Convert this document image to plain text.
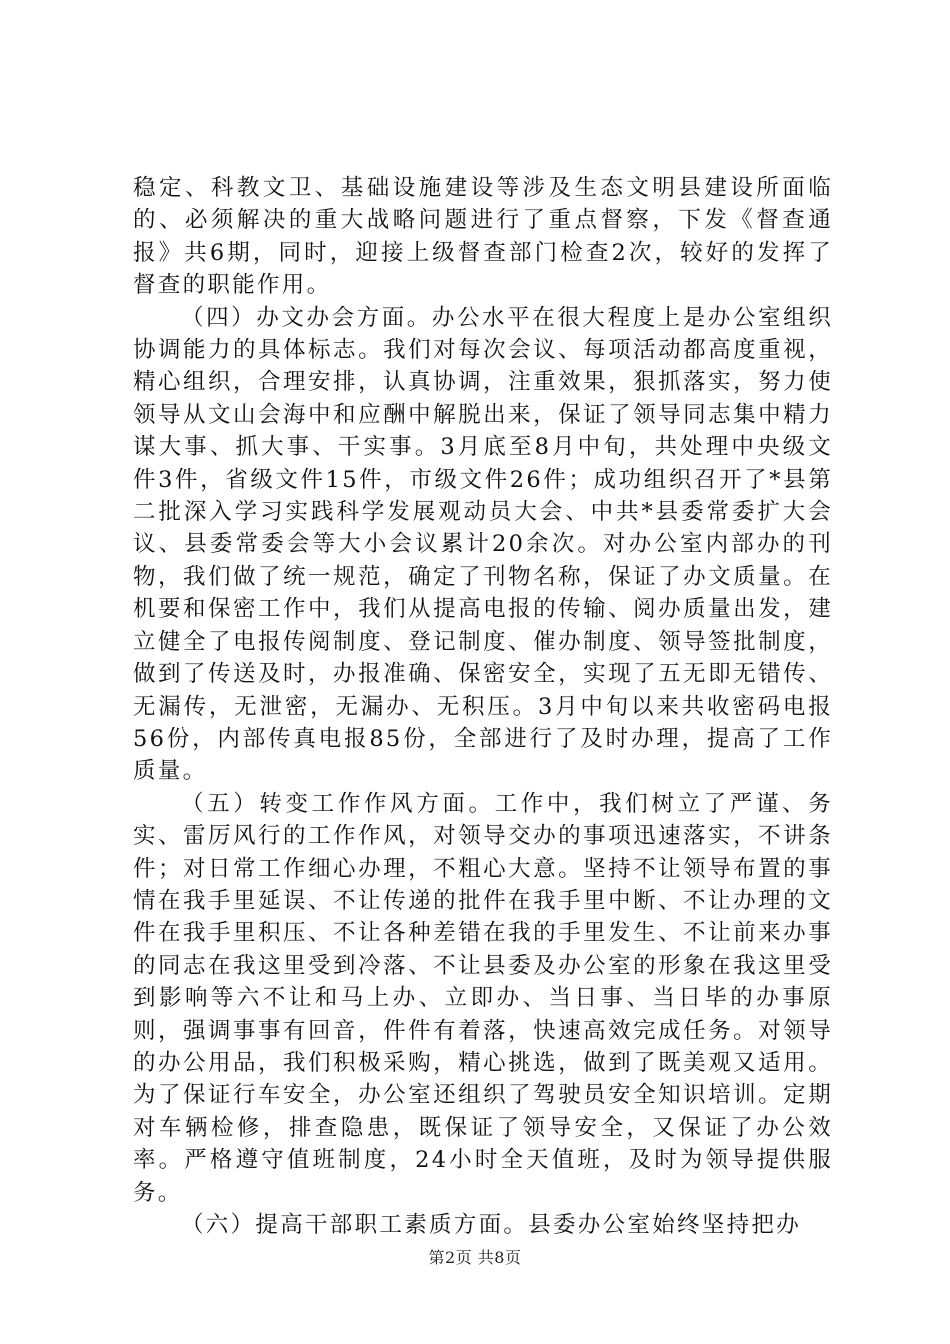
稳定、科教文卫、基础设施建设等涉及生态文明县建设所面临的、必须解决的重大战略问题进行了重点督察，下发《督查通报》共6期，同时，迎接上级督查部门检查2次，较好的发挥了督查的职能作用。

（四）办文办会方面。办公水平在很大程度上是办公室组织协调能力的具体标志。我们对每次会议、每项活动都高度重视，精心组织，合理安排，认真协调，注重效果，狠抓落实，努力使领导从文山会海中和应酬中解脱出来，保证了领导同志集中精力谋大事、抓大事、干实事。3月底至8月中旬，共处理中央级文件3件，省级文件15件，市级文件26件；成功组织召开了*县第二批深入学习实践科学发展观动员大会、中共*县委常委扩大会议、县委常委会等大小会议累计20余次。对办公室内部办的刊物，我们做了统一规范，确定了刊物名称，保证了办文质量。在机要和保密工作中，我们从提高电报的传输、阅办质量出发，建立健全了电报传阅制度、登记制度、催办制度、领导签批制度，做到了传送及时，办报准确、保密安全，实现了五无即无错传、无漏传，无泄密，无漏办、无积压。3月中旬以来共收密码电报56份，内部传真电报85份，全部进行了及时办理，提高了工作质量。

（五）转变工作作风方面。工作中，我们树立了严谨、务实、雷厉风行的工作作风，对领导交办的事项迅速落实，不讲条件；对日常工作细心办理，不粗心大意。坚持不让领导布置的事情在我手里延误、不让传递的批件在我手里中断、不让办理的文件在我手里积压、不让各种差错在我的手里发生、不让前来办事的同志在我这里受到冷落、不让县委及办公室的形象在我这里受到影响等六不让和马上办、立即办、当日事、当日毕的办事原则，强调事事有回音，件件有着落，快速高效完成任务。对领导的办公用品，我们积极采购，精心挑选，做到了既美观又适用。为了保证行车安全，办公室还组织了驾驶员安全知识培训。定期对车辆检修，排查隐患，既保证了领导安全，又保证了办公效率。严格遵守值班制度，24小时全天值班，及时为领导提供服务。

（六）提高干部职工素质方面。县委办公室始终坚持把办

第2页 共8页
